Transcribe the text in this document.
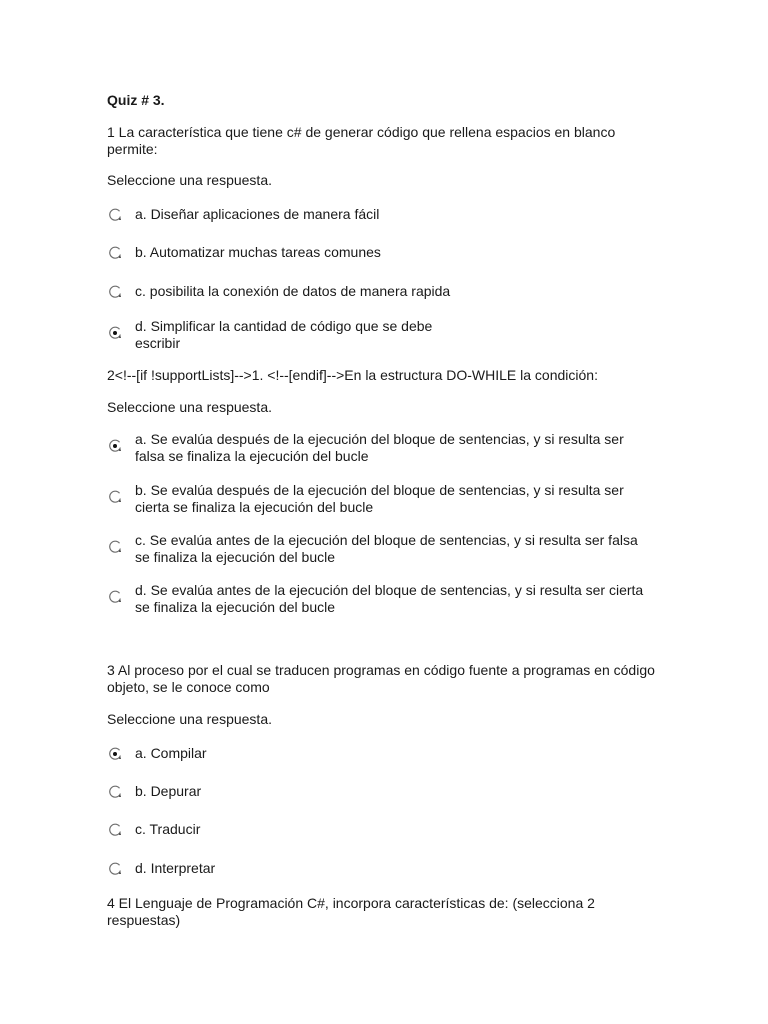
Quiz # 3.
1 La característica que tiene c# de generar código que rellena espacios en blanco permite:
Seleccione una respuesta.
a. Diseñar aplicaciones de manera fácil
b. Automatizar muchas tareas comunes
c. posibilita la conexión de datos de manera rapida
d. Simplificar la cantidad de código que se debe
escribir
2<!--[if !supportLists]-->1. <!--[endif]-->En la estructura DO-WHILE la condición:
Seleccione una respuesta.
a. Se evalúa después de la ejecución del bloque de sentencias, y si resulta ser falsa se finaliza la ejecución del bucle
b. Se evalúa después de la ejecución del bloque de sentencias, y si resulta ser cierta se finaliza la ejecución del bucle
c. Se evalúa antes de la ejecución del bloque de sentencias, y si resulta ser falsa se finaliza la ejecución del bucle
d. Se evalúa antes de la ejecución del bloque de sentencias, y si resulta ser cierta se finaliza la ejecución del bucle
3 Al proceso por el cual se traducen programas en código fuente a programas en código objeto, se le conoce como
Seleccione una respuesta.
a. Compilar
b. Depurar
c. Traducir
d. Interpretar
4 El Lenguaje de Programación C#, incorpora características de: (selecciona 2 respuestas)
